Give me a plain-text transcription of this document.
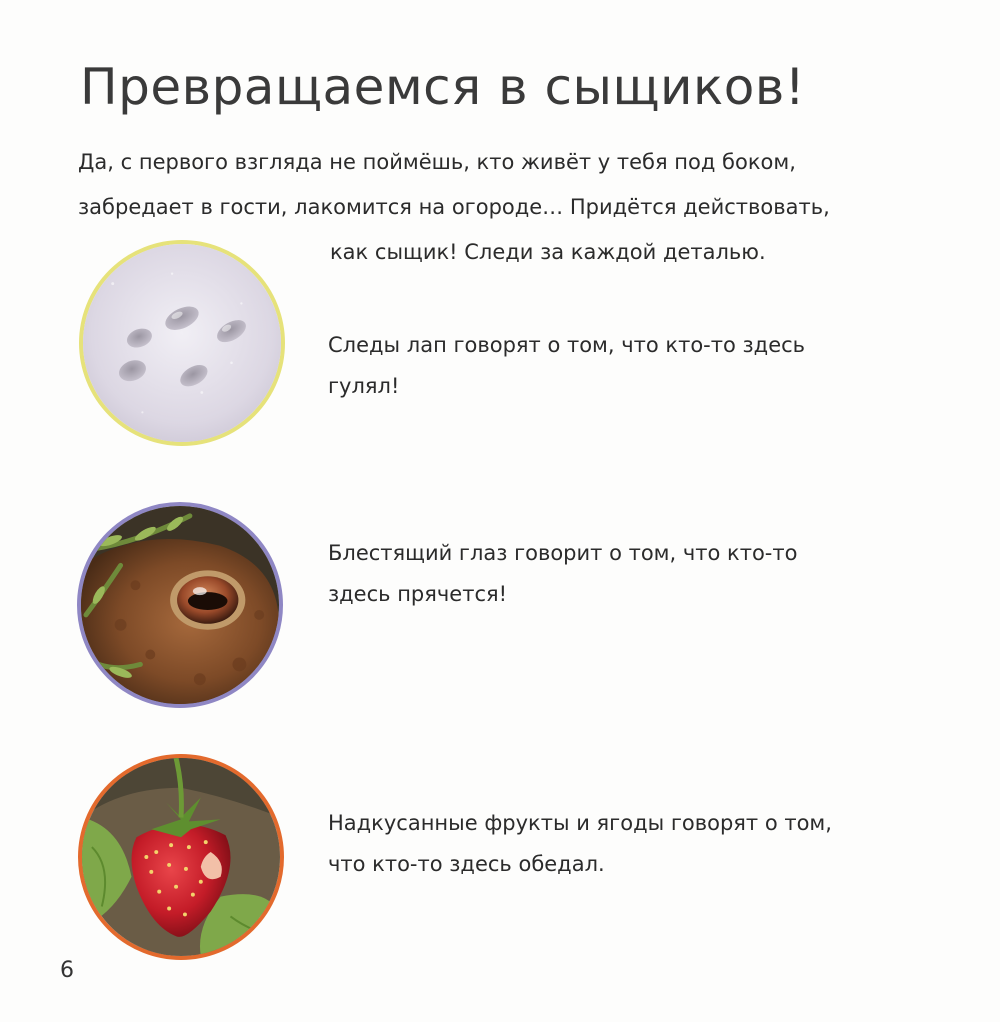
Превращаемся в сыщиков!
Да, с первого взгляда не поймёшь, кто живёт у тебя под боком,
забредает в гости, лакомится на огороде… Придётся действовать,
как сыщик! Следи за каждой деталью.
Следы лап говорят о том, что кто-то здесь
гулял!
Блестящий глаз говорит о том, что кто-то
здесь прячется!
Надкусанные фрукты и ягоды говорят о том,
что кто-то здесь обедал.
6
